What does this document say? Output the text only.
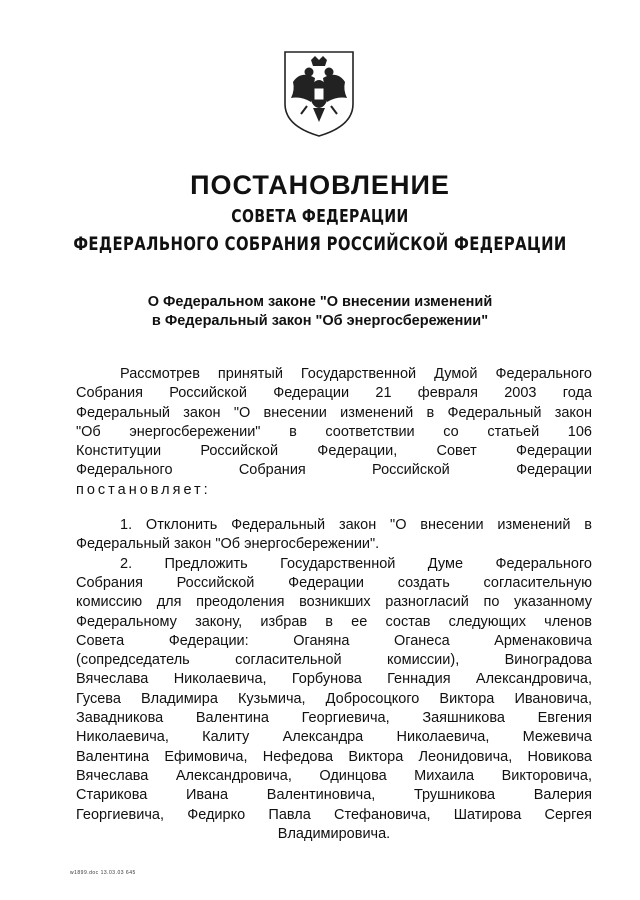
ПОСТАНОВЛЕНИЕ
СОВЕТА ФЕДЕРАЦИИ
ФЕДЕРАЛЬНОГО СОБРАНИЯ РОССИЙСКОЙ ФЕДЕРАЦИИ
О Федеральном законе "О внесении изменений
в Федеральный закон "Об энергосбережении"

Рассмотрев принятый Государственной Думой Федерального

Собрания Российской Федерации 21 февраля 2003 года

Федеральный закон "О внесении изменений в Федеральный закон

"Об энергосбережении" в соответствии со статьей 106

Конституции Российской Федерации, Совет Федерации

Федерального Собрания Российской Федерации

постановляет:

1. Отклонить Федеральный закон "О внесении изменений в

Федеральный закон "Об энергосбережении".

2. Предложить Государственной Думе Федерального

Собрания Российской Федерации создать согласительную

комиссию для преодоления возникших разногласий по указанному

Федеральному закону, избрав в ее состав следующих членов

Совета Федерации: Оганяна Оганеса Арменаковича

(сопредседатель согласительной комиссии), Виноградова

Вячеслава Николаевича, Горбунова Геннадия Александровича,

Гусева Владимира Кузьмича, Доброcоцкого Виктора Ивановича,

Завадникова Валентина Георгиевича, Заяшникова Евгения

Николаевича, Калиту Александра Николаевича, Межевича

Валентина Ефимовича, Нефедова Виктора Леонидовича, Новикова

Вячеслава Александровича, Одинцова Михаила Викторовича,

Старикова Ивана Валентиновича, Трушникова Валерия

Георгиевича, Федирко Павла Стефановича, Шатирова Сергея

Владимировича.

w1899.doc 13.03.03 645
